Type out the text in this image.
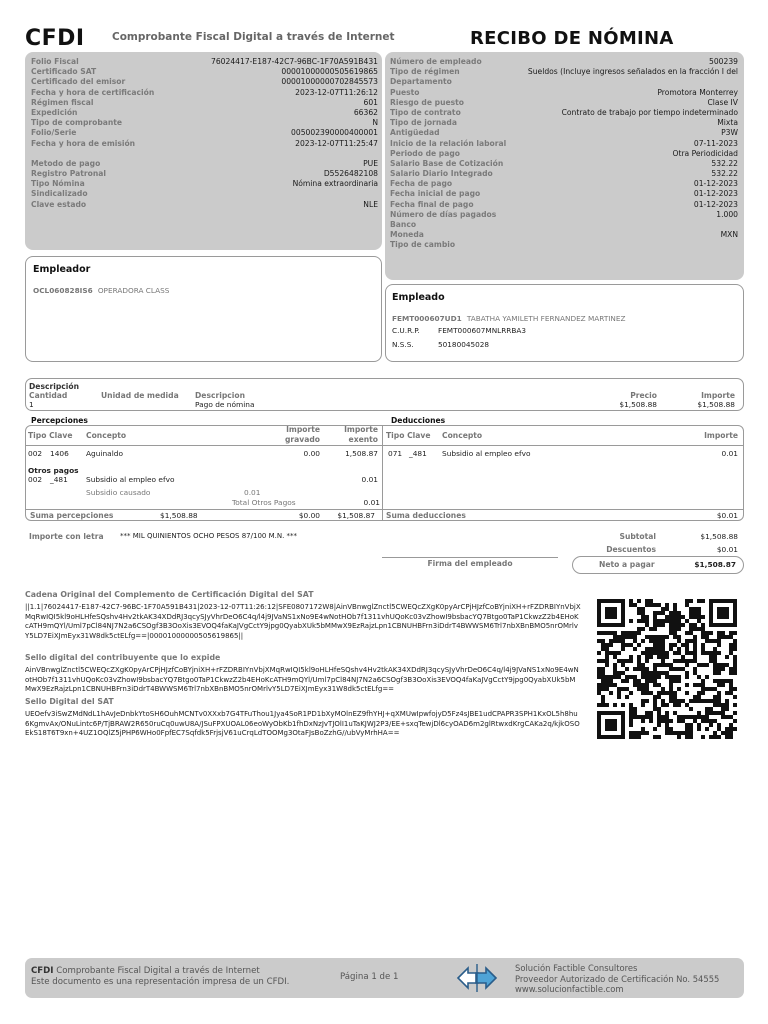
CFDI	Comprobante Fiscal Digital a través de Internet	RECIBO DE NÓMINA
Folio Fiscal	76024417-E187-42C7-96BC-1F70A591B431
Certificado SAT	00001000000505619865
Certificado del emisor	00001000000702845573
Fecha y hora de certificación	2023-12-07T11:26:12
Régimen fiscal	601
Expedición	66362
Tipo de comprobante	N
Folio/Serie	005002390000400001
Fecha y hora de emisión	2023-12-07T11:25:47
Metodo de pago	PUE
Registro Patronal	D5526482108
Tipo Nómina	Nómina extraordinaria
Sindicalizado
Clave estado	NLE
Número de empleado	500239
Tipo de régimen	Sueldos (Incluye ingresos señalados en la fracción I del
Departamento
Puesto	Promotora Monterrey
Riesgo de puesto	Clase IV
Tipo de contrato	Contrato de trabajo por tiempo indeterminado
Tipo de jornada	Mixta
Antigüedad	P3W
Inicio de la relación laboral	07-11-2023
Periodo de pago	Otra Periodicidad
Salario Base de Cotización	532.22
Salario Diario Integrado	532.22
Fecha de pago	01-12-2023
Fecha inicial de pago	01-12-2023
Fecha final de pago	01-12-2023
Número de días pagados	1.000
Banco
Moneda	MXN
Tipo de cambio
Empleador
OCL060828IS6 OPERADORA CLASS
Empleado
FEMT000607UD1 TABATHA YAMILETH FERNANDEZ MARTINEZ
C.U.R.P. FEMT000607MNLRRBA3
N.S.S.	50180045028
Descripción
Cantidad	Unidad de medida Descripcion	Precio	Importe
1	Pago de nómina	$1,508.88	$1,508.88
Percepciones	Deducciones
Tipo Clave Concepto
Importe
gravado
Importe
exento
002 1406 Aguinaldo	0.00	1,508.87
Otros pagos
002 _481 Subsidio al empleo efvo	0.01
Subsidio causado	0.01
Total Otros Pagos	0.01
Tipo Clave Concepto	Importe
071 _481 Subsidio al empleo efvo	0.01
Suma percepciones	$1,508.88	$0.00	$1,508.87 Suma deducciones	$0.01
Importe con letra *** MIL QUINIENTOS OCHO PESOS 87/100 M.N. ***	Subtotal	$1,508.88
Descuentos	$0.01
Firma del empleado	Neto a pagar	$1,508.87
Cadena Original del Complemento de Certificación Digital del SAT
||1.1|76024417-E187-42C7-96BC-1F70A591B431|2023-12-07T11:26:12|SFE0807172W8|AinVBnwglZnctl5CWEQcZXgK0pyArCPjHJzfCoBYjniXH+rFZDRBIYnVbjXMqRwIQI5kl9oHLHfeSQshv4Hv2tkAK34XDdRJ3qcySJyVhrDeO6C4q/l4j9JVaNS1xNo9E4wNotHOb7f1311vhUQoKc03vZhowI9bsbacYQ7Btgo0TaP1CkwzZ2b4EHoKcATH9mQYl/Uml7pCl84NJ7N2a6CSOgf3B3OoXis3EVOQ4faKaJVgCctY9jpg0QyabXUk5bMMwX9EzRajzLpn1CBNUHBFrn3iDdrT4BWWSM6Trl7nbXBnBMO5nrOMrlvY5LD7EiXJmEyx31W8dk5ctELfg==|00001000000505619865||
Sello digital del contribuyente que lo expide
AinVBnwglZnctl5CWEQcZXgK0pyArCPjHJzfCoBYjniXH+rFZDRBIYnVbjXMqRwIQI5kl9oHLHfeSQshv4Hv2tkAK34XDdRJ3qcySJyVhrDeO6C4q/l4j9JVaNS1xNo9E4wNotHOb7f1311vhUQoKc03vZhowI9bsbacYQ7Btgo0TaP1CkwzZ2b4EHoKcATH9mQYl/Uml7pCl84NJ7N2a6CSOgf3B3OoXis3EVOQ4faKaJVgCctY9jpg0QyabXUk5bMMwX9EzRajzLpn1CBNUHBFrn3iDdrT4BWWSM6Trl7nbXBnBMO5nrOMrlvY5LD7EiXJmEyx31W8dk5ctELfg==
Sello Digital del SAT
UEOefv3iSwZMdNdL1hAvJeDnbkYtoSH6OuhMCNTv0XXxb7G4TFuThou1Jya4SoR1PD1bXyMOlnEZ9fhYHJ+qXMUwIpwfojyD5Fz4sJBE1udCPAPR3SPH1KxOL5h8hu6KgmvAx/ONuLintc6P/TjBRAW2R650ruCq0uwU8A/JSuFPXUOAL06eoWyObKb1fhDxNzJvTJOlI1uTaKJWJ2P3/EE+sxqTewjDl6cyOAD6m2glRtwxdKrgCAKa2q/kjkOSOEkS18T6T9xn+4UZ1OQlZ5jPHP6WHo0FpfEC7Sqfdk5FrjsjV61uCrqLdTOOMg3OtaFJsBoZzhG//ubVyMrhHA==
CFDI Comprobante Fiscal Digital a través de Internet
Este documento es una representación impresa de un CFDI.	Página 1 de 1
Solución Factible Consultores
Proveedor Autorizado de Certificación No. 54555
www.solucionfactible.com
